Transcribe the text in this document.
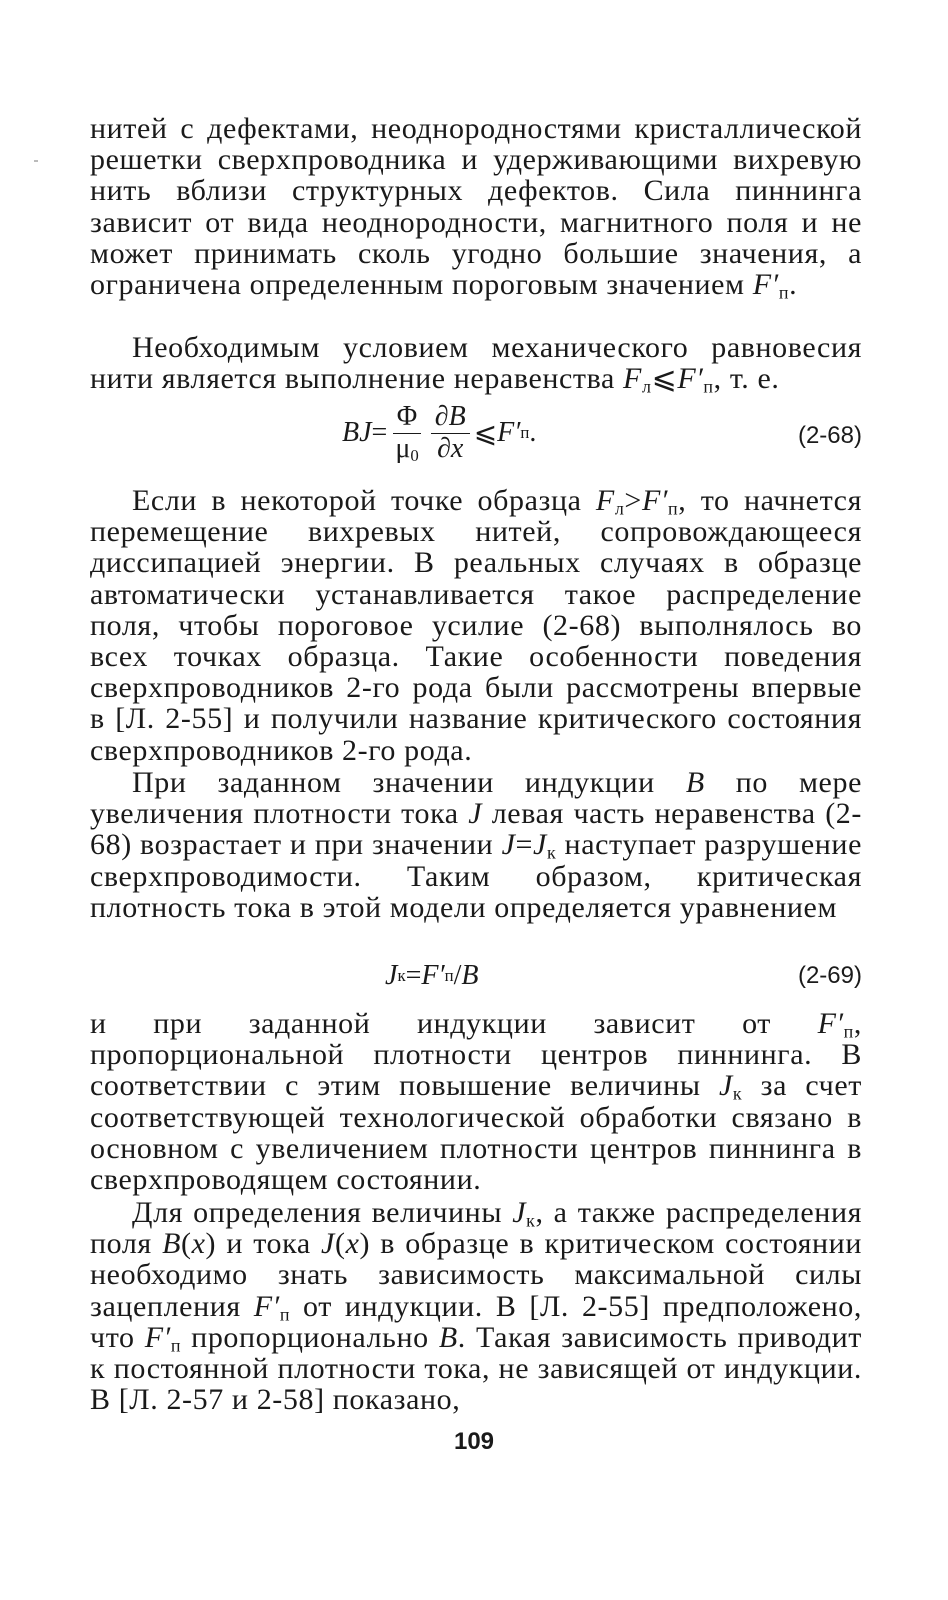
нитей с дефектами, неоднородностями кристаллической решетки сверхпроводника и удерживающими вихревую нить вблизи структурных дефектов. Сила пиннинга зависит от вида неоднородности, магнитного поля и не может принимать сколь угодно большие значения, а ограничена определенным пороговым значением $F'_п$.
Необходимым условием механического равновесия нити является выполнение неравенства $F_л⩽F'_п$, т. е.
BJ = $\frac{\Phi}{\mu_0} \frac{\partial B}{\partial x}$ ⩽ F′ п .	(2-68)
Если в некоторой точке образца $F_л>F'_п$, то начнется перемещение вихревых нитей, сопровождающееся диссипацией энергии. В реальных случаях в образце автоматически устанавливается такое распределение поля, чтобы пороговое усилие (2-68) выполнялось во всех точках образца. Такие особенности поведения сверхпроводников 2-го рода были рассмотрены впервые в [Л. 2-55] и получили название критического состояния сверхпроводников 2-го рода.
При заданном значении индукции B по мере увеличения плотности тока J левая часть неравенства (2-68) возрастает и при значении $J=J_к$ наступает разрушение сверхпроводимости. Таким образом, критическая плотность тока в этой модели определяется уравнением
J к = F′ п / B	(2-69)
и при заданной индукции зависит от $F'_п$, пропорциональной плотности центров пиннинга. В соответствии с этим повышение величины $J_к$ за счет соответствующей технологической обработки связано в основном с увеличением плотности центров пиннинга в сверхпроводящем состоянии.
Для определения величины $J_к$, а также распределения поля B(x) и тока J(x) в образце в критическом состоянии необходимо знать зависимость максимальной силы зацепления $F'_п$ от индукции. В [Л. 2-55] предположено, что $F'_п$ пропорционально B. Такая зависимость приводит к постоянной плотности тока, не зависящей от индукции. В [Л. 2-57 и 2-58] показано,
109
